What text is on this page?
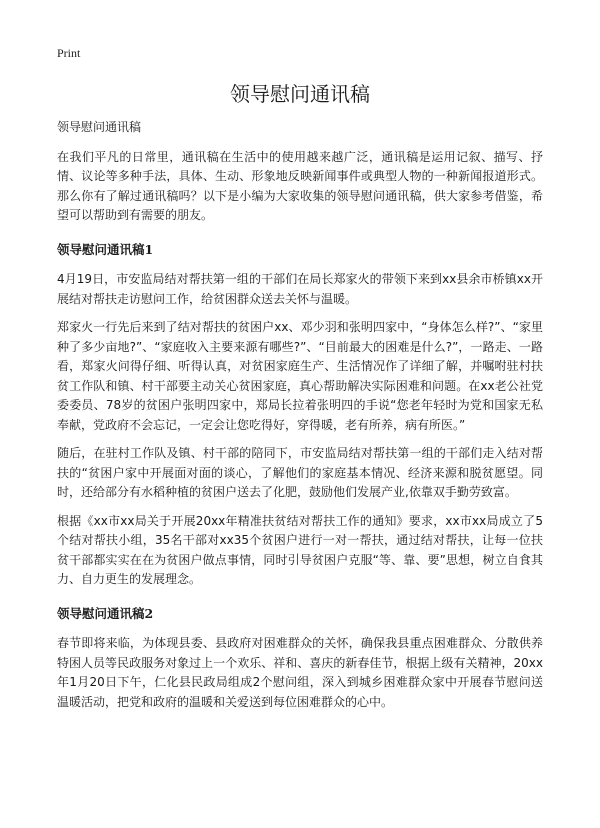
Print
领导慰问通讯稿

领导慰问通讯稿

在我们平凡的日常里，通讯稿在生活中的使用越来越广泛，通讯稿是运用记叙、描写、抒情、议论等多种手法，具体、生动、形象地反映新闻事件或典型人物的一种新闻报道形式。那么你有了解过通讯稿吗？以下是小编为大家收集的领导慰问通讯稿，供大家参考借鉴，希望可以帮助到有需要的朋友。

领导慰问通讯稿1

4月19日，市安监局结对帮扶第一组的干部们在局长郑家火的带领下来到xx县余市桥镇xx开展结对帮扶走访慰问工作，给贫困群众送去关怀与温暖。

郑家火一行先后来到了结对帮扶的贫困户xx、邓少羽和张明四家中，“身体怎么样?”、“家里种了多少亩地?”、“家庭收入主要来源有哪些?”、“目前最大的困难是什么?”，一路走、一路看，郑家火问得仔细、听得认真，对贫困家庭生产、生活情况作了详细了解，并嘱咐驻村扶贫工作队和镇、村干部要主动关心贫困家庭，真心帮助解决实际困难和问题。在xx老公社党委委员、78岁的贫困户张明四家中，郑局长拉着张明四的手说“您老年轻时为党和国家无私奉献，党政府不会忘记，一定会让您吃得好，穿得暖，老有所养，病有所医。”

随后，在驻村工作队及镇、村干部的陪同下，市安监局结对帮扶第一组的干部们走入结对帮扶的“贫困户家中开展面对面的谈心，了解他们的家庭基本情况、经济来源和脱贫愿望。同时，还给部分有水稻种植的贫困户送去了化肥，鼓励他们发展产业,依靠双手勤劳致富。

根据《xx市xx局关于开展20xx年精准扶贫结对帮扶工作的通知》要求，xx市xx局成立了5个结对帮扶小组，35名干部对xx35个贫困户进行一对一帮扶，通过结对帮扶，让每一位扶贫干部都实实在在为贫困户做点事情，同时引导贫困户克服“等、靠、要”思想，树立自食其力、自力更生的发展理念。

领导慰问通讯稿2

春节即将来临，为体现县委、县政府对困难群众的关怀，确保我县重点困难群众、分散供养特困人员等民政服务对象过上一个欢乐、祥和、喜庆的新春佳节，根据上级有关精神，20xx年1月20日下午，仁化县民政局组成2个慰问组，深入到城乡困难群众家中开展春节慰问送温暖活动，把党和政府的温暖和关爱送到每位困难群众的心中。
